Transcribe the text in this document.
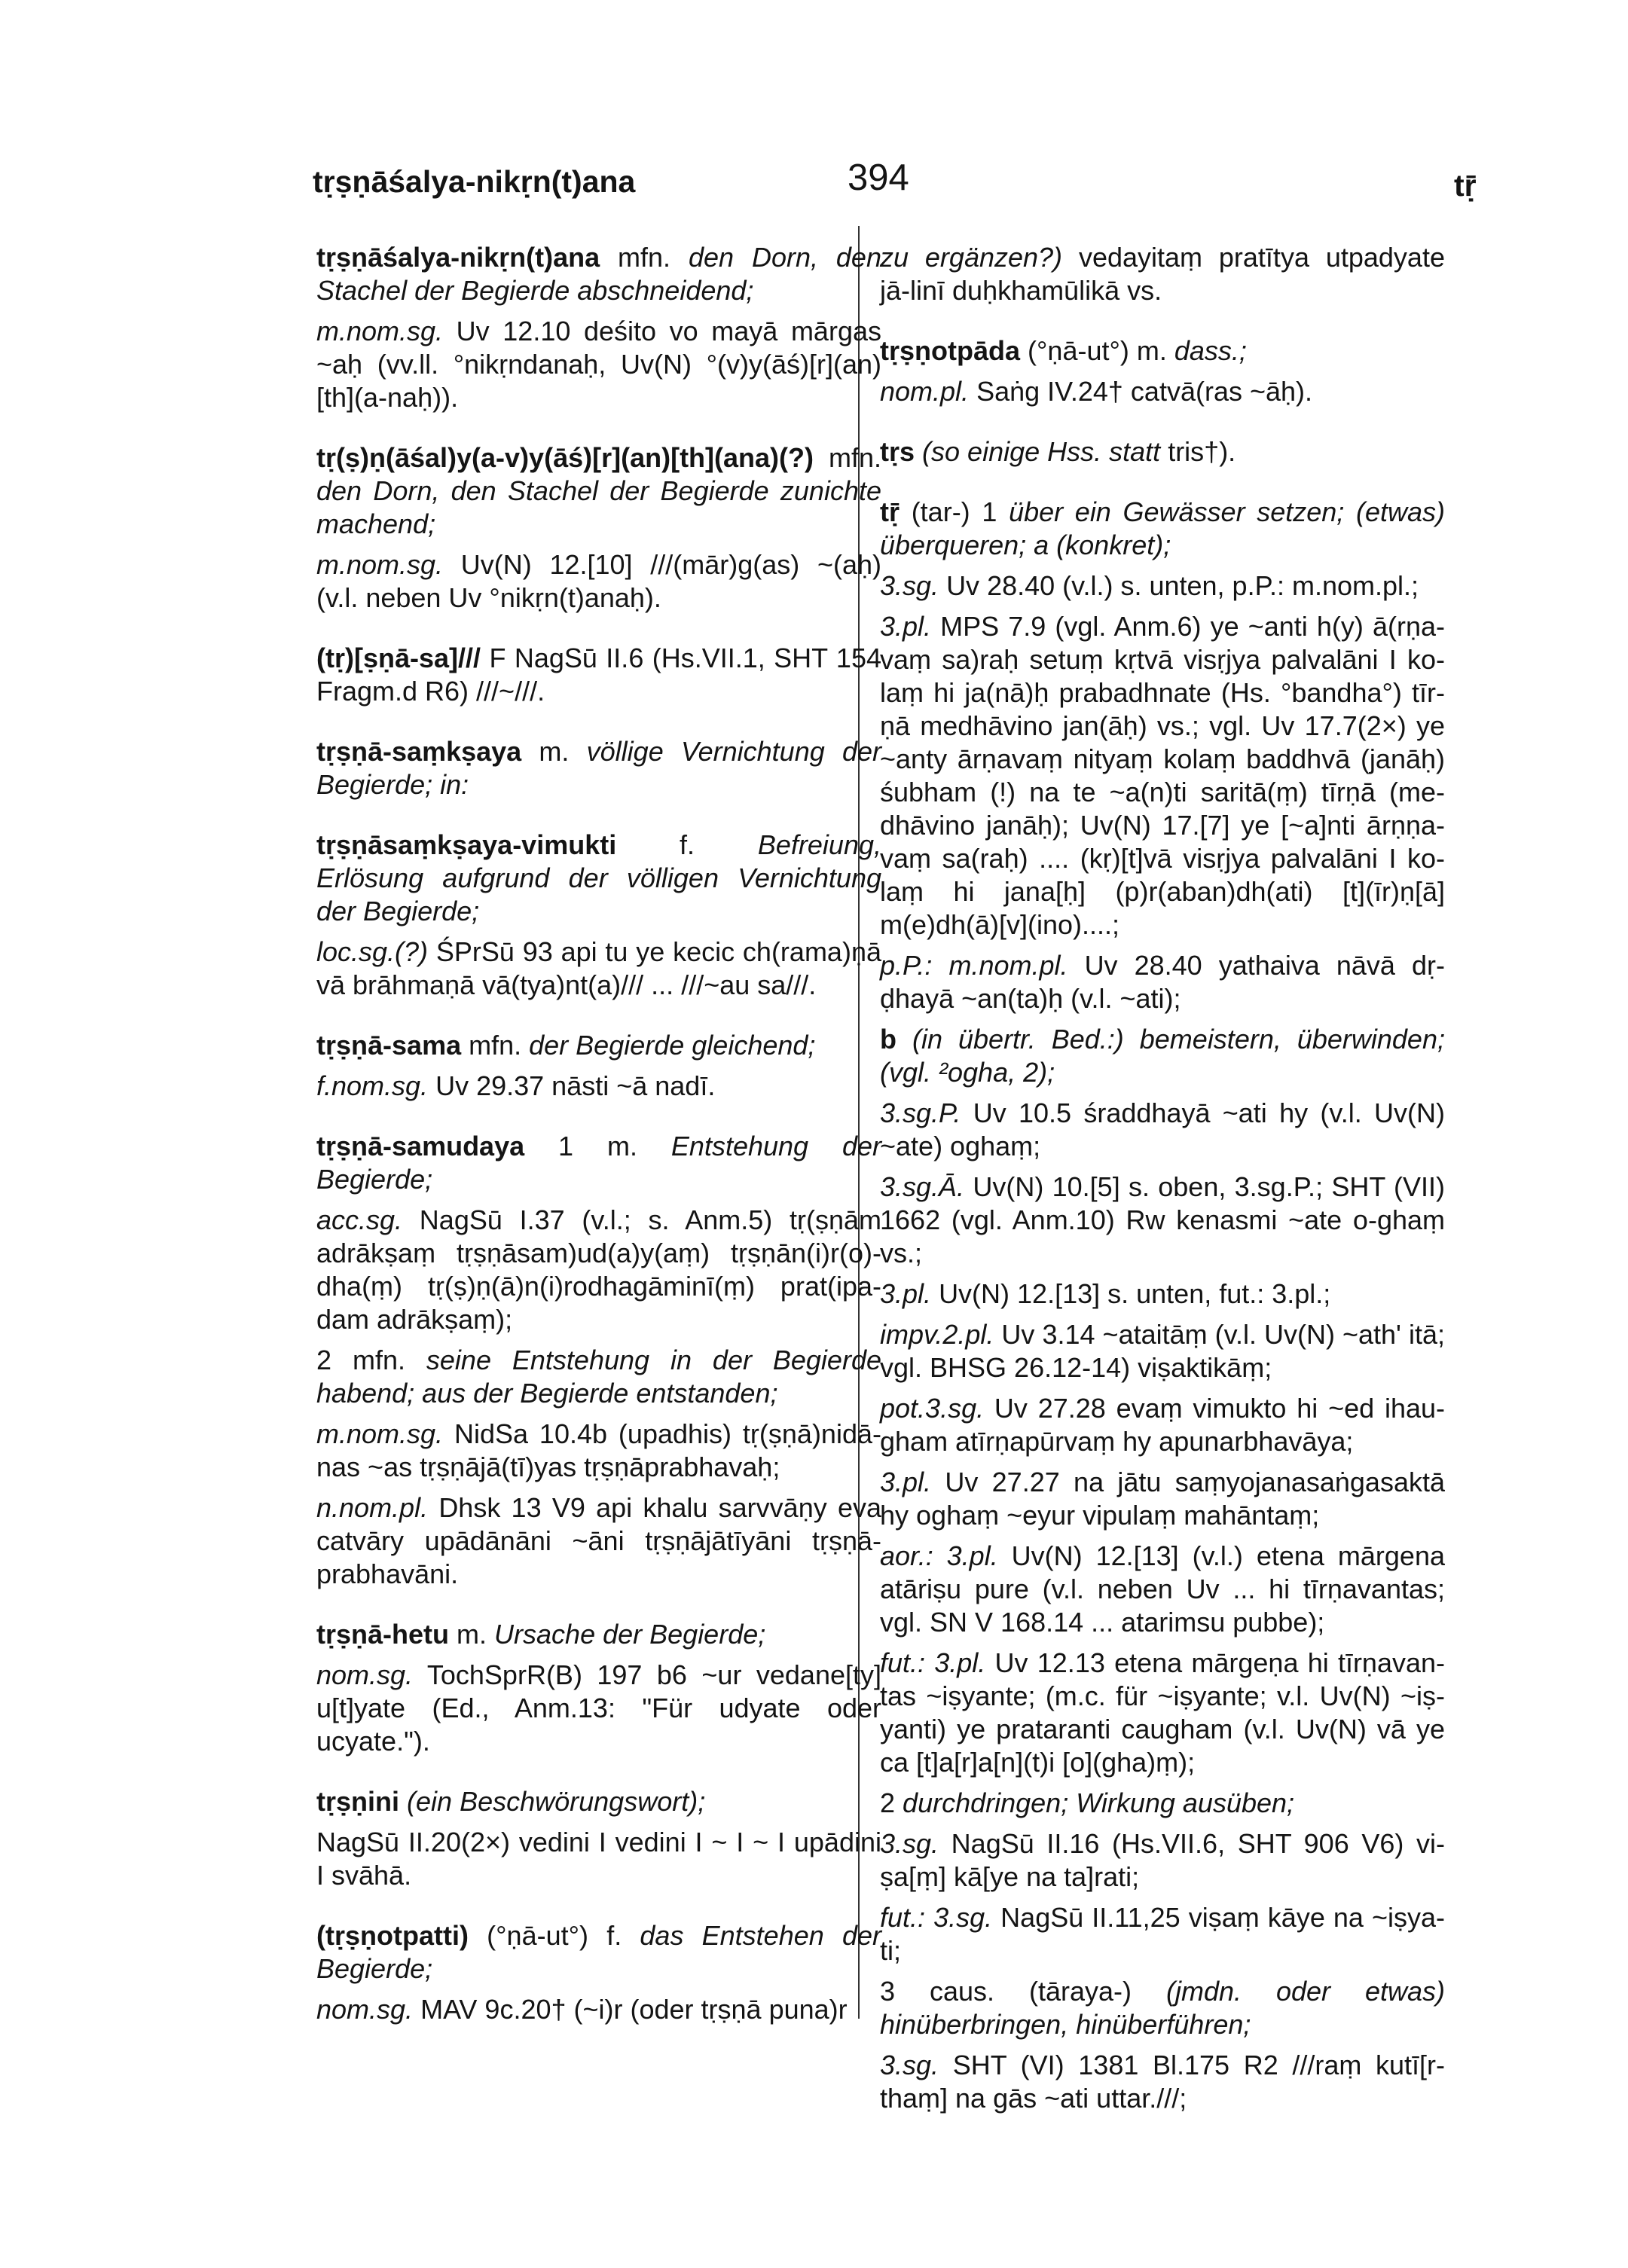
tṛṣṇāśalya-nikṛn(t)ana	394	tṝ

tṛṣṇāśalya-nikṛn(t)ana mfn. den Dorn, den Stachel der Begierde abschneidend;

m.nom.sg. Uv 12.10 deśito vo mayā mārgas ~aḥ (vv.ll. °nikṛndanaḥ, Uv(N) °(v)y(āś)[r](an)[th](a-naḥ)).

tṛ(ṣ)ṇ(āśal)y(a-v)y(āś)[r](an)[th](ana)(?) mfn. den Dorn, den Stachel der Begierde zunichte machend;

m.nom.sg. Uv(N) 12.[10] ///(mār)g(as) ~(aḥ) (v.l. neben Uv °nikṛn(t)anaḥ).

(tṛ)[ṣṇā-sa]/// F NagSū II.6 (Hs.VII.1, SHT 154 Fragm.d R6) ///~///.

tṛṣṇā-saṃkṣaya m. völlige Vernichtung der Begierde; in:

tṛṣṇāsaṃkṣaya-vimukti f. Befreiung, Erlösung aufgrund der völligen Vernichtung der Begierde;

loc.sg.(?) ŚPrSū 93 api tu ye kecic ch(rama)ṇā vā brāhmaṇā vā(tya)nt(a)/// ... ///~au sa///.

tṛṣṇā-sama mfn. der Begierde gleichend;

f.nom.sg. Uv 29.37 nāsti ~ā nadī.

tṛṣṇā-samudaya 1 m. Entstehung der Begierde;

acc.sg. NagSū I.37 (v.l.; s. Anm.5) tṛ(ṣṇām adrākṣaṃ tṛṣṇāsam)ud(a)y(aṃ) tṛṣṇān(i)r(o)-dha(ṃ) tṛ(ṣ)ṇ(ā)n(i)rodhagāminī(ṃ) prat(ipa-dam adrākṣaṃ);

2 mfn. seine Entstehung in der Begierde habend; aus der Begierde entstanden;

m.nom.sg. NidSa 10.4b (upadhis) tṛ(ṣṇā)nidā-nas ~as tṛṣṇājā(tī)yas tṛṣṇāprabhavaḥ;

n.nom.pl. Dhsk 13 V9 api khalu sarvvāṇy eva catvāry upādānāni ~āni tṛṣṇājātīyāni tṛṣṇā-prabhavāni.

tṛṣṇā-hetu m. Ursache der Begierde;

nom.sg. TochSprR(B) 197 b6 ~ur vedane[ty] u[t]yate (Ed., Anm.13: "Für udyate oder ucyate.").

tṛṣṇini (ein Beschwörungswort);

NagSū II.20(2×) vedini I vedini I ~ I ~ I upādini I svāhā.

(tṛṣṇotpatti) (°ṇā-ut°) f. das Entstehen der Begierde;

nom.sg. MAV 9c.20† (~i)r (oder tṛṣṇā puna)r

zu ergänzen?) vedayitaṃ pratītya utpadyate jā-linī duḥkhamūlikā vs.

tṛṣṇotpāda (°ṇā-ut°) m. dass.;

nom.pl. Saṅg IV.24† catvā(ras ~āḥ).

tṛs (so einige Hss. statt tris†).

tṝ (tar-) 1 über ein Gewässer setzen; (etwas) überqueren; a (konkret);

3.sg. Uv 28.40 (v.l.) s. unten, p.P.: m.nom.pl.;

3.pl. MPS 7.9 (vgl. Anm.6) ye ~anti h(y) ā(rṇa-vaṃ sa)raḥ setuṃ kṛtvā visṛjya palvalāni I ko-laṃ hi ja(nā)ḥ prabadhnate (Hs. °bandha°) tīr-ṇā medhāvino jan(āḥ) vs.; vgl. Uv 17.7(2×) ye ~anty ārṇavaṃ nityaṃ kolaṃ baddhvā (janāḥ) śubham (!) na te ~a(n)ti saritā(ṃ) tīrṇā (me-dhāvino janāḥ); Uv(N) 17.[7] ye [~a]nti ārṇṇa-vaṃ sa(raḥ) .... (kṛ)[t]vā visṛjya palvalāni I ko-laṃ hi jana[ḥ] (p)r(aban)dh(ati) [t](īr)ṇ[ā] m(e)dh(ā)[v](ino)....;

p.P.: m.nom.pl. Uv 28.40 yathaiva nāvā dṛ-ḍhayā ~an(ta)ḥ (v.l. ~ati);

b (in übertr. Bed.:) bemeistern, überwinden; (vgl. ²ogha, 2);

3.sg.P. Uv 10.5 śraddhayā ~ati hy (v.l. Uv(N) ~ate) oghaṃ;

3.sg.Ā. Uv(N) 10.[5] s. oben, 3.sg.P.; SHT (VII) 1662 (vgl. Anm.10) Rw kenasmi ~ate o-ghaṃ vs.;

3.pl. Uv(N) 12.[13] s. unten, fut.: 3.pl.;

impv.2.pl. Uv 3.14 ~ataitāṃ (v.l. Uv(N) ~ath' itā; vgl. BHSG 26.12-14) viṣaktikāṃ;

pot.3.sg. Uv 27.28 evaṃ vimukto hi ~ed ihau-gham atīrṇapūrvaṃ hy apunarbhavāya;

3.pl. Uv 27.27 na jātu saṃyojanasaṅgasaktā hy oghaṃ ~eyur vipulaṃ mahāntaṃ;

aor.: 3.pl. Uv(N) 12.[13] (v.l.) etena mārgena atāriṣu pure (v.l. neben Uv ... hi tīrṇavantas; vgl. SN V 168.14 ... atarimsu pubbe);

fut.: 3.pl. Uv 12.13 etena mārgeṇa hi tīrṇavan-tas ~iṣyante; (m.c. für ~iṣyante; v.l. Uv(N) ~iṣ-yanti) ye prataranti caugham (v.l. Uv(N) vā ye ca [t]a[r]a[n](t)i [o](gha)ṃ);

2 durchdringen; Wirkung ausüben;

3.sg. NagSū II.16 (Hs.VII.6, SHT 906 V6) vi-ṣa[ṃ] kā[ye na ta]rati;

fut.: 3.sg. NagSū II.11,25 viṣaṃ kāye na ~iṣya-ti;

3 caus. (tāraya-) (jmdn. oder etwas) hinüberbringen, hinüberführen;

3.sg. SHT (VI) 1381 Bl.175 R2 ///raṃ kutī[r-thaṃ] na gās ~ati uttar.///;
